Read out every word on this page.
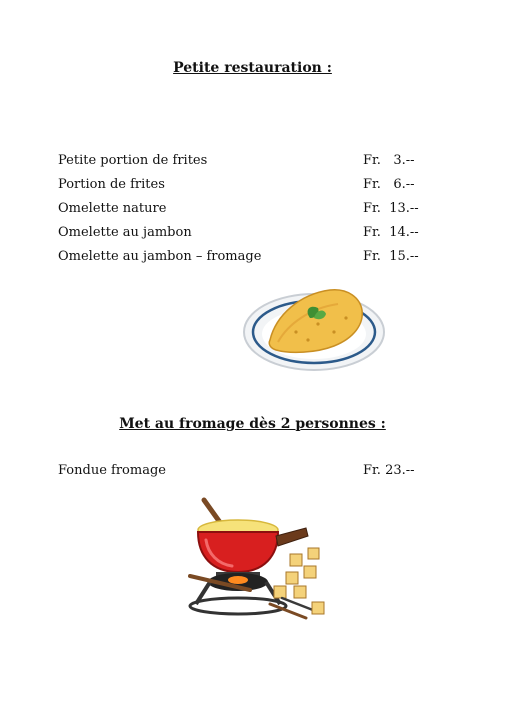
Petite restauration :
Petite portion de frites	Fr.   3.--
Portion de frites	Fr.   6.--
Omelette nature	Fr.  13.--
Omelette au jambon	Fr.  14.--
Omelette au jambon – fromage	Fr.  15.--
Met au fromage dès 2 personnes :
Fondue fromage	Fr. 23.--
